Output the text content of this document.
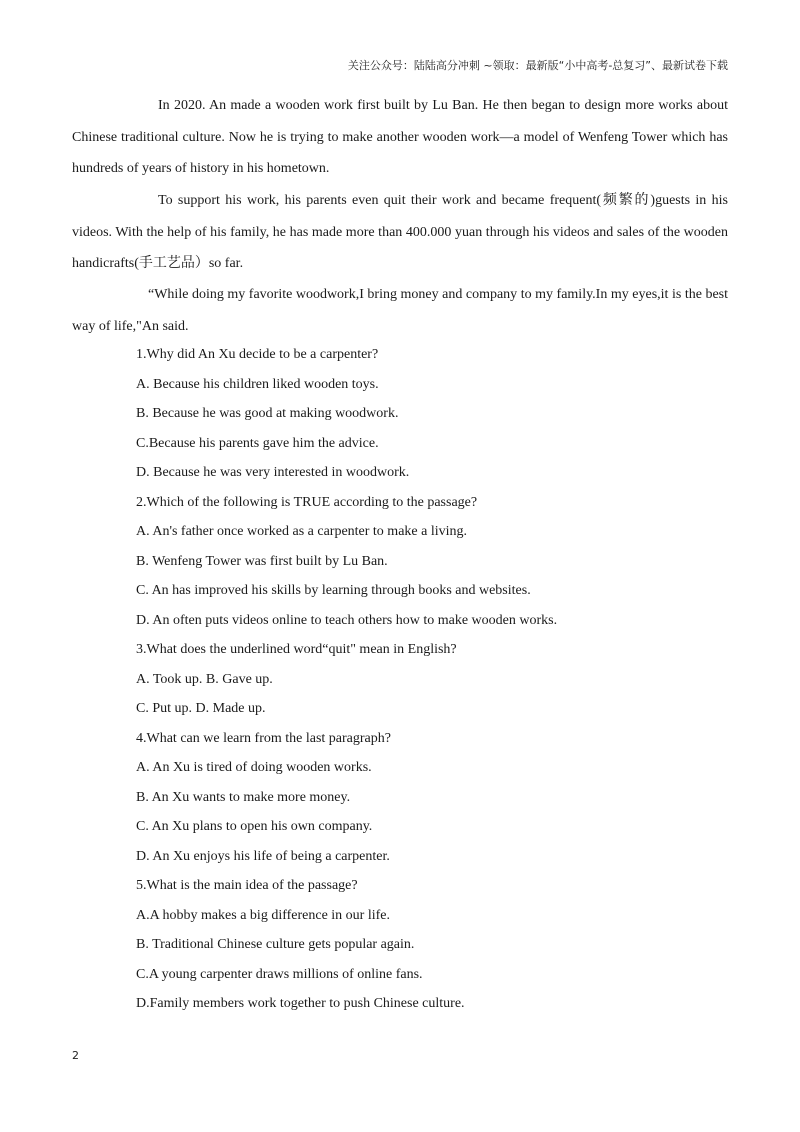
关注公众号：陆陆高分冲刺 ~领取：最新版“小中高考-总复习”、最新试卷下载

In 2020. An made a wooden work first built by Lu Ban. He then began to design more works about Chinese traditional culture. Now he is trying to make another wooden work—a model of Wenfeng Tower which has hundreds of years of history in his hometown.

To support his work, his parents even quit their work and became frequent(频繁的)guests in his videos. With the help of his family, he has made more than 400.000 yuan through his videos and sales of the wooden handicrafts(手工艺品）so far.

“While doing my favorite woodwork,I bring money and company to my family.In my eyes,it is the best way of life,"An said.

1.Why did An Xu decide to be a carpenter?

A. Because his children liked wooden toys.

B. Because he was good at making woodwork.

C.Because his parents gave him the advice.

D. Because he was very interested in woodwork.

2.Which of the following is TRUE according to the passage?

A. An's father once worked as a carpenter to make a living.

B. Wenfeng Tower was first built by Lu Ban.

C. An has improved his skills by learning through books and websites.

D. An often puts videos online to teach others how to make wooden works.

3.What does the underlined word“quit" mean in English?

A. Took up. B. Gave up.

C. Put up. D. Made up.

4.What can we learn from the last paragraph?

A. An Xu is tired of doing wooden works.

B. An Xu wants to make more money.

C. An Xu plans to open his own company.

D. An Xu enjoys his life of being a carpenter.

5.What is the main idea of the passage?

A.A hobby makes a big difference in our life.

B. Traditional Chinese culture gets popular again.

C.A young carpenter draws millions of online fans.

D.Family members work together to push Chinese culture.

2
